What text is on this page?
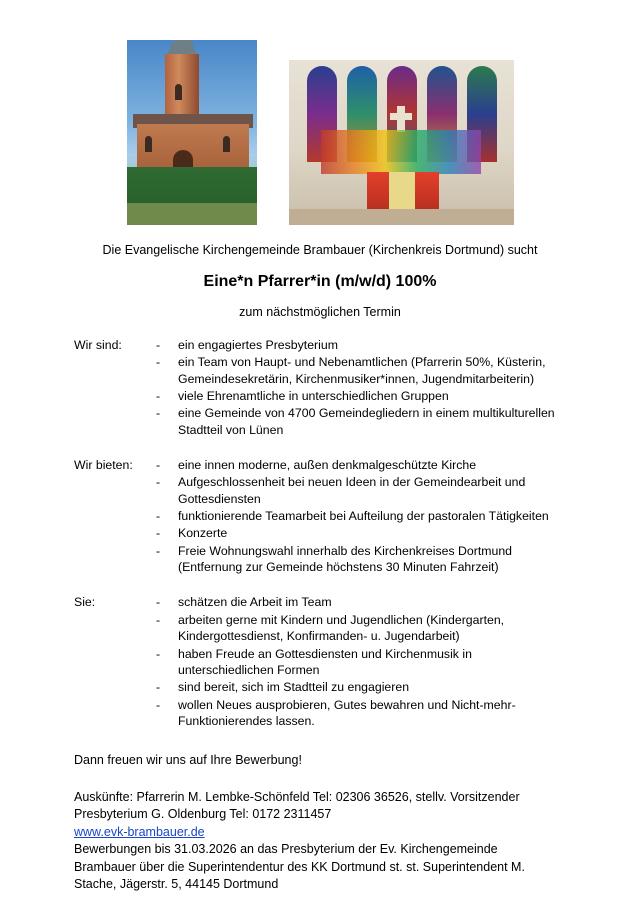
Die Evangelische Kirchengemeinde Brambauer (Kirchenkreis Dortmund) sucht
Eine*n Pfarrer*in (m/w/d) 100%
zum nächstmöglichen Termin
Wir sind:	-	ein engagiertes Presbyterium
-	ein Team von Haupt- und Nebenamtlichen (Pfarrerin 50%, Küsterin, Gemeindesekretärin, Kirchenmusiker*innen, Jugendmitarbeiterin)
-	viele Ehrenamtliche in unterschiedlichen Gruppen
-	eine Gemeinde von 4700 Gemeindegliedern in einem multikulturellen Stadtteil von Lünen
Wir bieten:	-	eine innen moderne, außen denkmalgeschützte Kirche
-	Aufgeschlossenheit bei neuen Ideen in der Gemeindearbeit und Gottesdiensten
-	funktionierende Teamarbeit bei Aufteilung der pastoralen Tätigkeiten
-	Konzerte
-	Freie Wohnungswahl innerhalb des Kirchenkreises Dortmund (Entfernung zur Gemeinde höchstens 30 Minuten Fahrzeit)
Sie:	-	schätzen die Arbeit im Team
-	arbeiten gerne mit Kindern und Jugendlichen (Kindergarten, Kindergottesdienst, Konfirmanden- u. Jugendarbeit)
-	haben Freude an Gottesdiensten und Kirchenmusik in unterschiedlichen Formen
-	sind bereit, sich im Stadtteil zu engagieren
-	wollen Neues ausprobieren, Gutes bewahren und Nicht-mehr-Funktionierendes lassen.
Dann freuen wir uns auf Ihre Bewerbung!
Auskünfte: Pfarrerin M. Lembke-Schönfeld Tel: 02306 36526, stellv. Vorsitzender
Presbyterium G. Oldenburg Tel: 0172 2311457
www.evk-brambauer.de
Bewerbungen bis 31.03.2026 an das Presbyterium der Ev. Kirchengemeinde
Brambauer über die Superintendentur des KK Dortmund st. st. Superintendent M.
Stache, Jägerstr. 5, 44145 Dortmund
